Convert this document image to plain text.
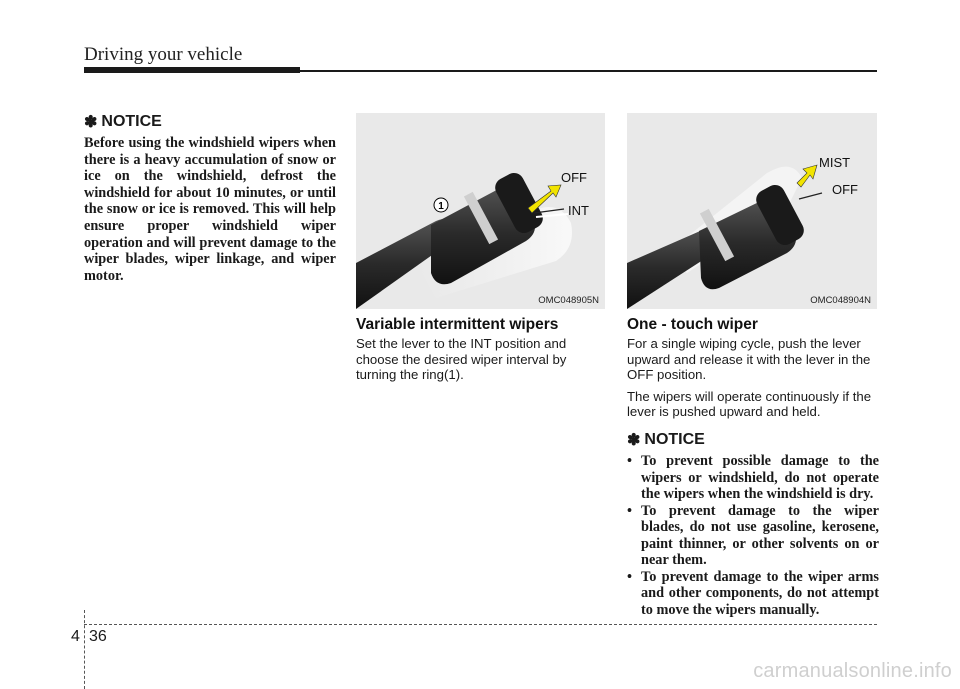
Driving your vehicle
✽ NOTICE
Before using the windshield wipers when there is a heavy accumulation of snow or ice on the windshield, defrost the windshield for about 10 minutes, or until the snow or ice is removed. This will help ensure proper windshield wiper operation and will prevent damage to the wiper blades, wiper linkage, and wiper motor.
1
OFF
INT
OMC048905N
MIST
OFF
OMC048904N
Variable intermittent wipers

Set the lever to the INT position and choose the desired wiper interval by turning the ring(1).

One - touch wiper

For a single wiping cycle, push the lever upward and release it with the lever in the OFF position.

The wipers will operate continuously if the lever is pushed upward and held.

✽ NOTICE
• To prevent possible damage to the wipers or windshield, do not operate the wipers when the windshield is dry.
• To prevent damage to the wiper blades, do not use gasoline, kerosene, paint thinner, or other solvents on or near them.
• To prevent damage to the wiper arms and other components, do not attempt to move the wipers manually.
4 36
carmanualsonline.info
